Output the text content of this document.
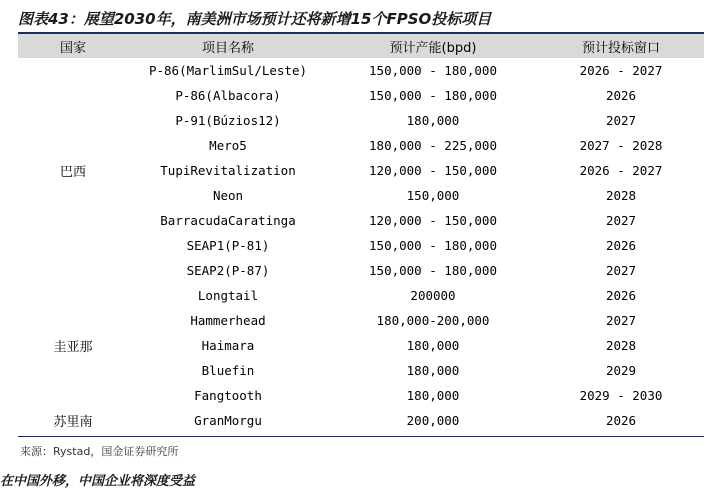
图表43：展望2030年，南美洲市场预计还将新增15个FPSO投标项目
国家	项目名称	预计产能(bpd)	预计投标窗口
巴西	P-86(MarlimSul/Leste)	150,000 - 180,000	2026 - 2027
	P-86(Albacora)	150,000 - 180,000	2026
	P-91(Búzios12)	180,000	2027
	Mero5	180,000 - 225,000	2027 - 2028
	TupiRevitalization	120,000 - 150,000	2026 - 2027
	Neon	150,000	2028
	BarracudaCaratinga	120,000 - 150,000	2027
	SEAP1(P-81)	150,000 - 180,000	2026
	SEAP2(P-87)	150,000 - 180,000	2027
圭亚那	Longtail	200000	2026
	Hammerhead	180,000-200,000	2027
	Haimara	180,000	2028
	Bluefin	180,000	2029
	Fangtooth	180,000	2029 - 2030
苏里南	GranMorgu	200,000	2026
来源：Rystad，国金证券研究所
在中国外移，中国企业将深度受益
